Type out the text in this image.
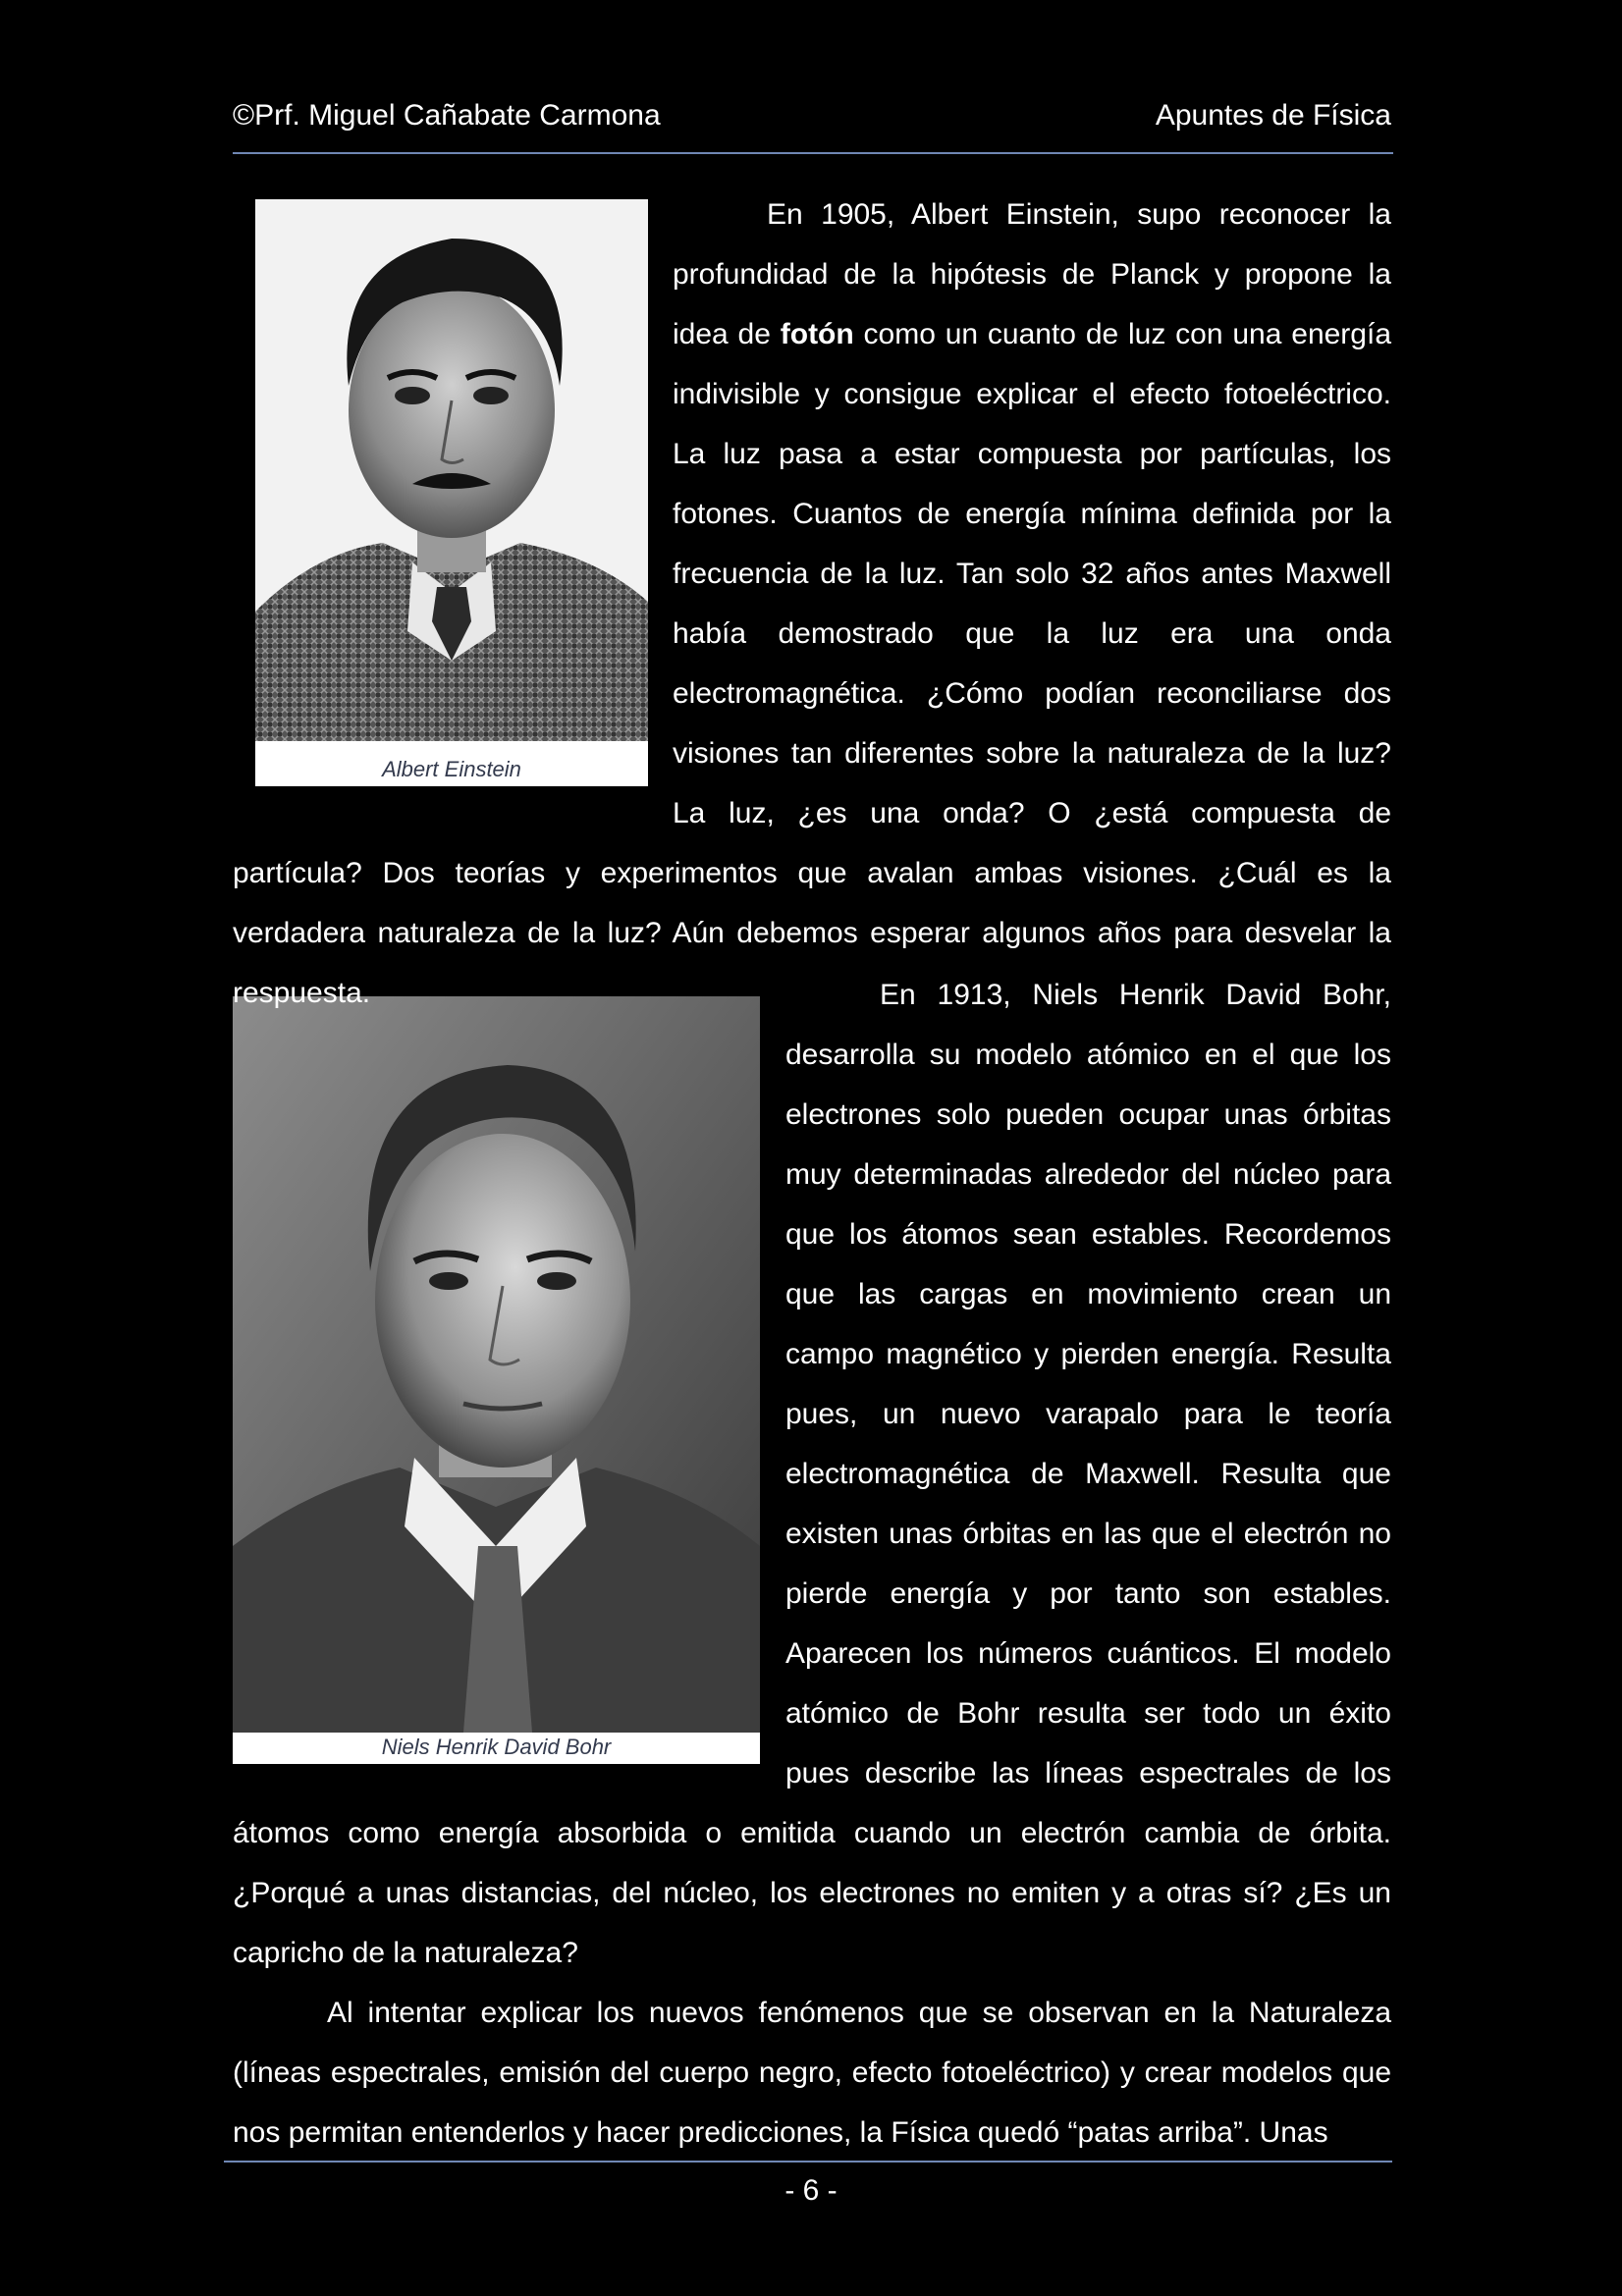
©Prf. Miguel Cañabate Carmona	Apuntes de Física
Albert Einstein
Niels Henrik David Bohr

En 1905, Albert Einstein, supo reconocer la profundidad de la hipótesis de Planck y propone la idea de fotón como un cuanto de luz con una energía indivisible y consigue explicar el efecto fotoeléctrico. La luz pasa a estar compuesta por partículas, los fotones. Cuantos de energía mínima definida por la frecuencia de la luz. Tan solo 32 años antes Maxwell había demostrado que la luz era una onda electromagnética. ¿Cómo podían reconciliarse dos visiones tan diferentes sobre la naturaleza de la luz? La luz, ¿es una onda? O ¿está compuesta de partícula? Dos teorías y experimentos que avalan ambas visiones. ¿Cuál es la verdadera naturaleza de la luz? Aún debemos esperar algunos años para desvelar la respuesta.	En 1913, Niels Henrik David Bohr, desarrolla su modelo atómico en el que los electrones solo pueden ocupar unas órbitas muy determinadas alrededor del núcleo para que los átomos sean estables. Recordemos que las cargas en movimiento crean un campo magnético y pierden energía. Resulta pues, un nuevo varapalo para le teoría electromagnética de Maxwell. Resulta que existen unas órbitas en las que el electrón no pierde energía y por tanto son estables. Aparecen los números cuánticos. El modelo atómico de Bohr resulta ser todo un éxito pues describe las líneas espectrales de los átomos como energía absorbida o emitida cuando un electrón cambia de órbita. ¿Porqué a unas distancias, del núcleo, los electrones no emiten y a otras sí? ¿Es un capricho de la naturaleza?

Al intentar explicar los nuevos fenómenos que se observan en la Naturaleza (líneas espectrales, emisión del cuerpo negro, efecto fotoeléctrico) y crear modelos que nos permitan entenderlos y hacer predicciones, la Física quedó “patas arriba”. Unas

- 6 -
